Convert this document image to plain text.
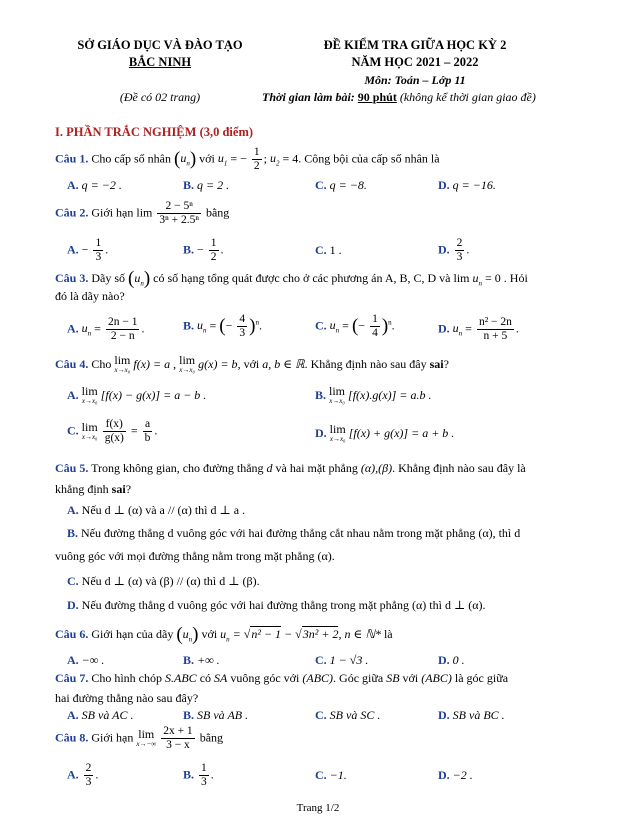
SỞ GIÁO DỤC VÀ ĐÀO TẠO
BẮC NINH
(Đề có 02 trang)
ĐỀ KIỂM TRA GIỮA HỌC KỲ 2
NĂM HỌC 2021 – 2022
Môn: Toán – Lớp 11
Thời gian làm bài: 90 phút (không kể thời gian giao đề)
I. PHẦN TRẮC NGHIỆM (3,0 điểm)
Câu 1. Cho cấp số nhân $(u_n)$ với $u_1$ = − $\frac{1}{2}$ ; $u_2 = 4$. Công bội của cấp số nhân là
A. q = −2 .	B. q = 2 .	C. q = −8.	D. q = −16.
Câu 2. Giới hạn $\lim \frac{\text{2 − 5ⁿ}}{\text{3ⁿ + 2.5ⁿ}}$ bằng
A. − $\frac{1}{3}$ .	B. − $\frac{1}{2}$ .	C. 1 .	D. $\frac{2}{3}$ .
Câu 3. Dãy số $(u_n)$ có số hạng tổng quát được cho ở các phương án A, B, C, D và $\lim u_n = 0$ . Hỏi
đó là dãy nào?
A. $u_n = \frac{2n - 1}{2 - n}$ .	B. $u_n$ = (− $\frac{4}{3} )^n$.	C. $u_n$ = (− $\frac{1}{4} )^n$.	D. $u_n = \frac{\text{n² − 2n}}{n + 5}$ .
Câu 4. Cho lim
x→x₀ f(x) = a , lim
x→x₀ g(x) = b, với a, b ∈ ℝ. Khẳng định nào sau đây sai?
A. lim
x→x₀ [f(x) − g(x)] = a − b .	B. lim
x→x₀ [f(x).g(x)] = a.b .
C. lim
x→x₀
$\frac{f(x)}{g(x)} = \frac{a}{b}$ .	D. lim
x→x₀ [f(x) + g(x)] = a + b .
Câu 5. Trong không gian, cho đường thẳng d và hai mặt phẳng (α),(β). Khẳng định nào sau đây là
khẳng định sai?
A. Nếu d ⊥ (α) và a // (α) thì d ⊥ a .
B. Nếu đường thẳng d vuông góc với hai đường thẳng cắt nhau nằm trong mặt phẳng (α), thì d
vuông góc với mọi đường thẳng nằm trong mặt phẳng (α).
C. Nếu d ⊥ (α) và (β) // (α) thì d ⊥ (β).
D. Nếu đường thẳng d vuông góc với hai đường thẳng trong mặt phẳng (α) thì d ⊥ (α).
Câu 6. Giới hạn của dãy $(u_n)$ với $u_n = √n^2 - 1 - √3n^2 + 2$, n ∈ ℕ* là
A. −∞ .	B. +∞ .	C. 1 − √3 .	D. 0 .
Câu 7. Cho hình chóp S.ABC có SA vuông góc với (ABC). Góc giữa SB với (ABC) là góc giữa
hai đường thẳng nào sau đây?
A. SB và AC .	B. SB và AB .	C. SB và SC .	D. SB và BC .
Câu 8. Giới hạn lim
x→−∞
$\frac{2x + 1}{3 - x}$ bằng
A. $\frac{2}{3}$ .	B. $\frac{1}{3}$ .	C. −1.	D. −2 .
Trang 1/2
